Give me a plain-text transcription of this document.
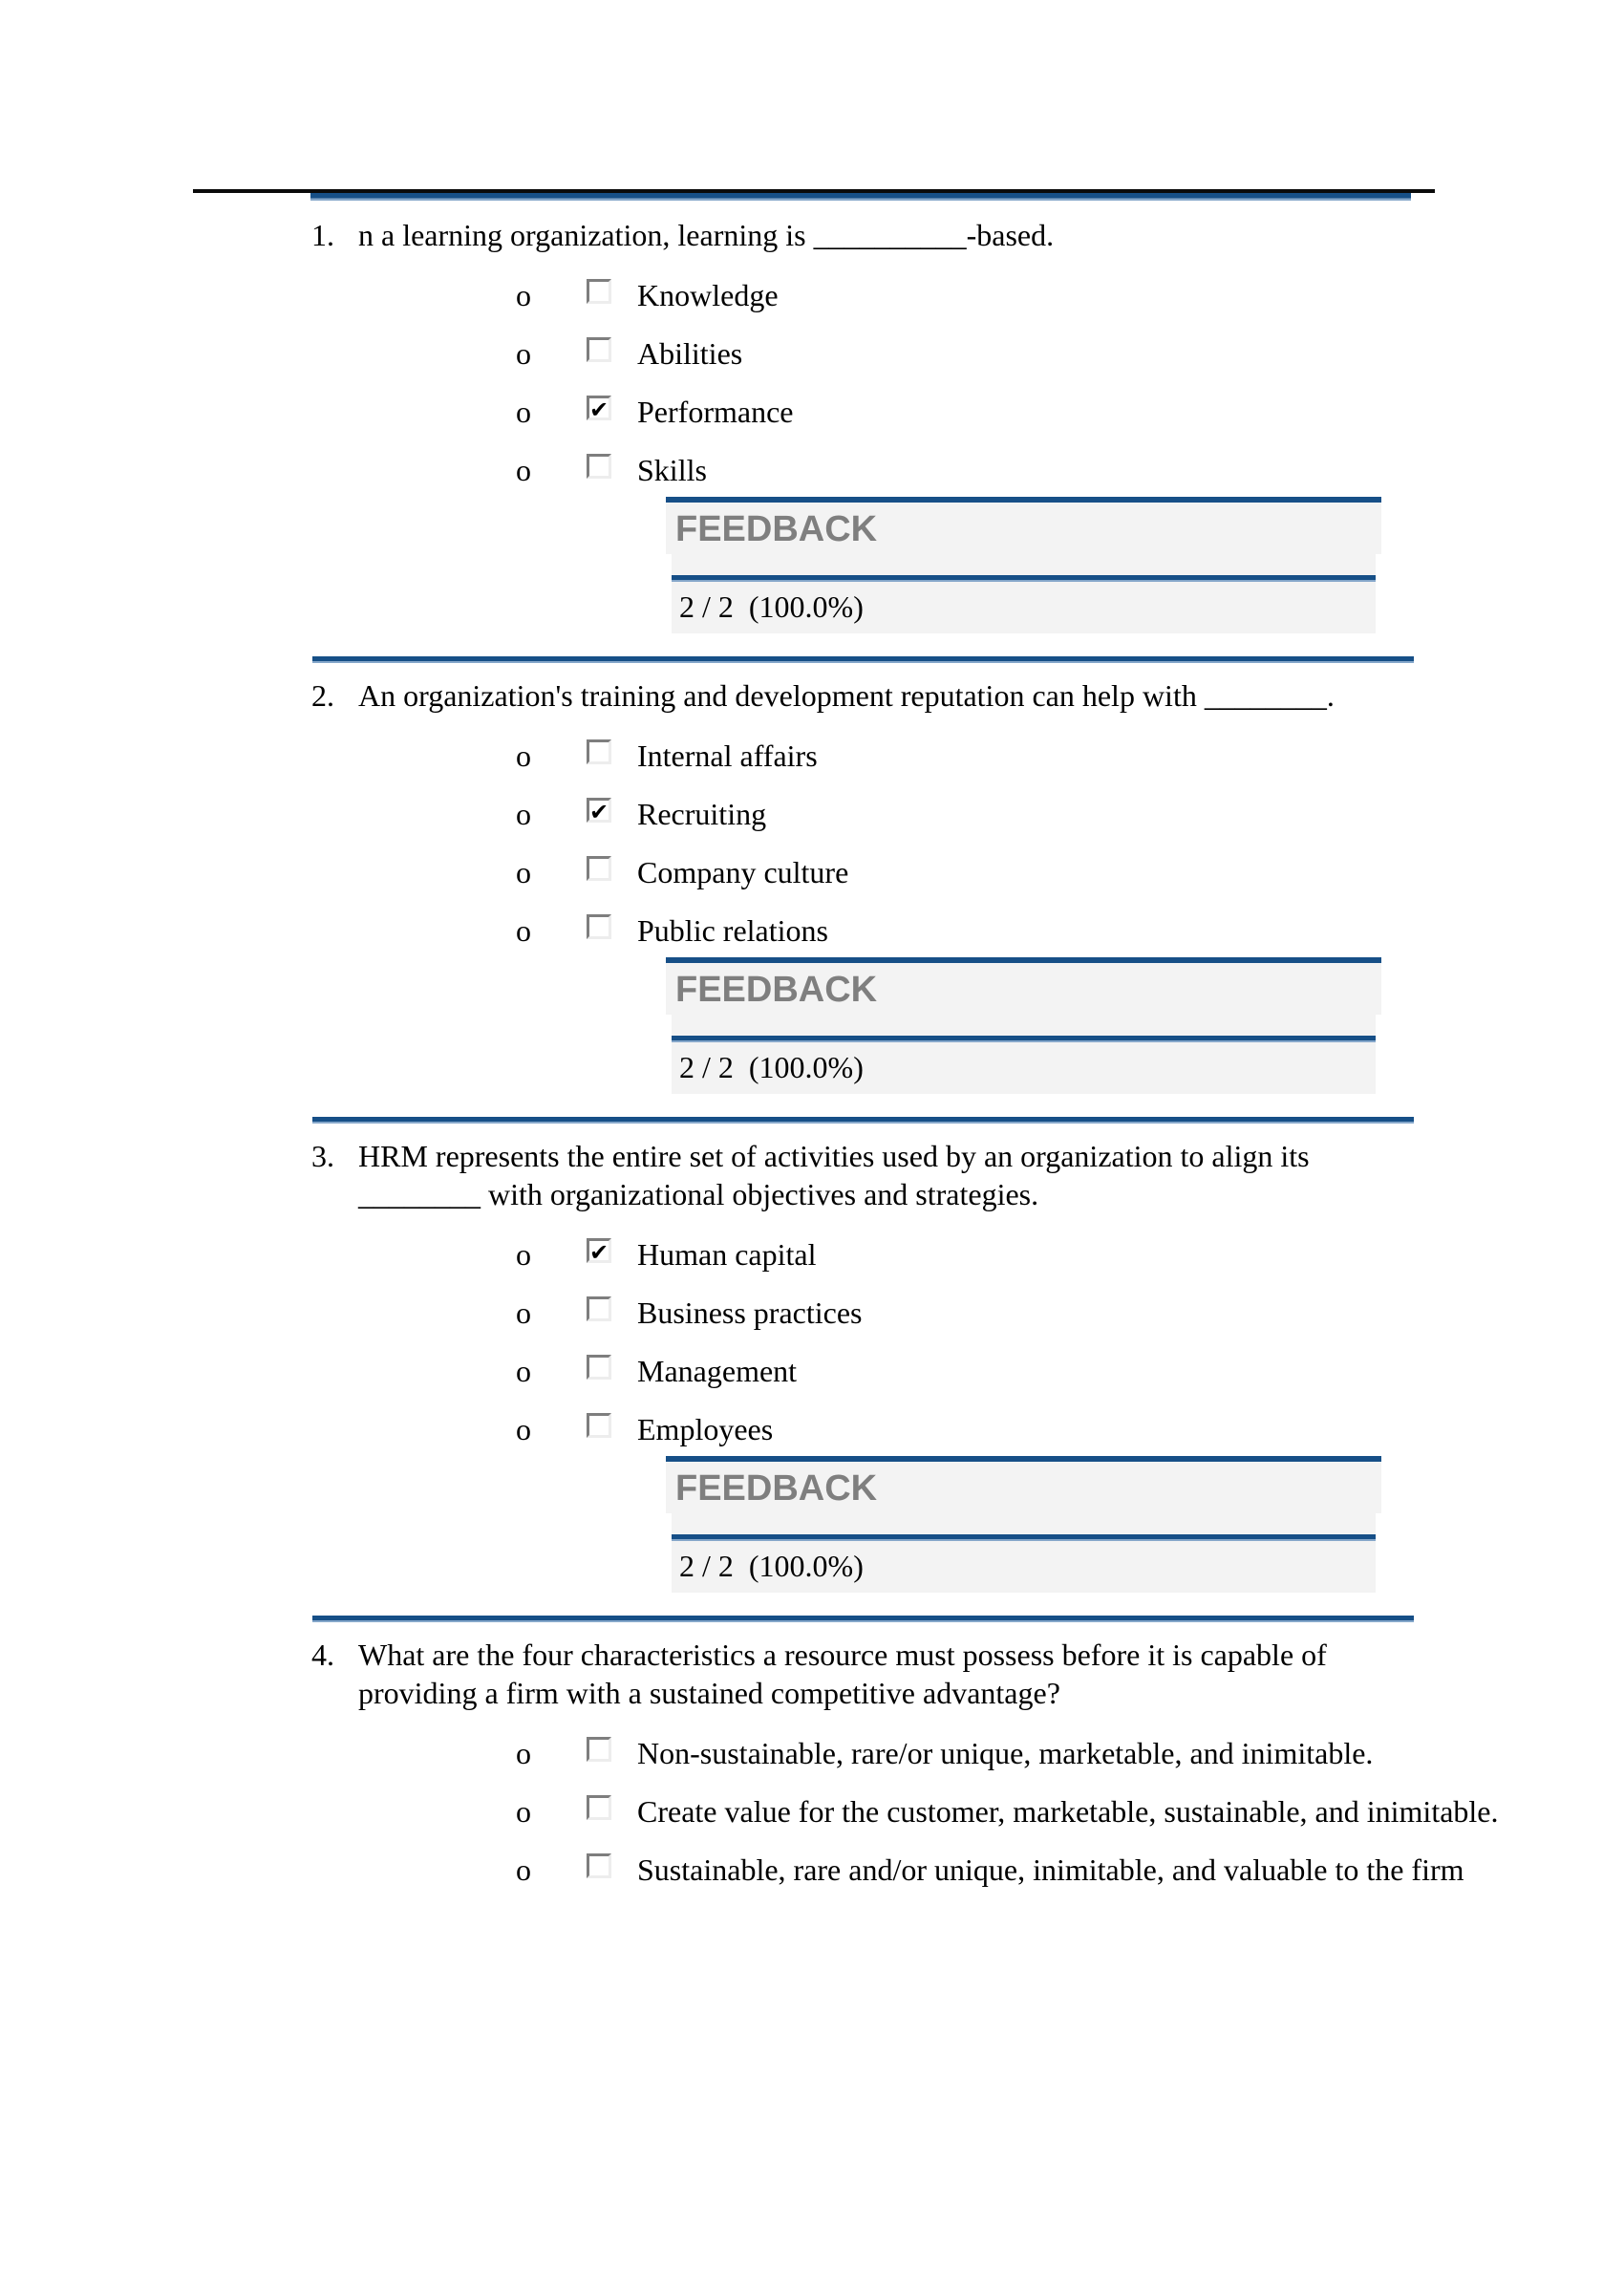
1. n a learning organization, learning is __________-based.
o	Knowledge
o	Abilities
o ✔	Performance
o	Skills
FEEDBACK
2 / 2 (100.0%)
2. An organization's training and development reputation can help with ________.
o	Internal affairs
o ✔	Recruiting
o	Company culture
o	Public relations
FEEDBACK
2 / 2 (100.0%)
3. HRM represents the entire set of activities used by an organization to align its ________ with organizational objectives and strategies.
o ✔	Human capital
o	Business practices
o	Management
o	Employees
FEEDBACK
2 / 2 (100.0%)
4. What are the four characteristics a resource must possess before it is capable of providing a firm with a sustained competitive advantage?
o	Non-sustainable, rare/or unique, marketable, and inimitable.
o	Create value for the customer, marketable, sustainable, and inimitable.
o	Sustainable, rare and/or unique, inimitable, and valuable to the firm
